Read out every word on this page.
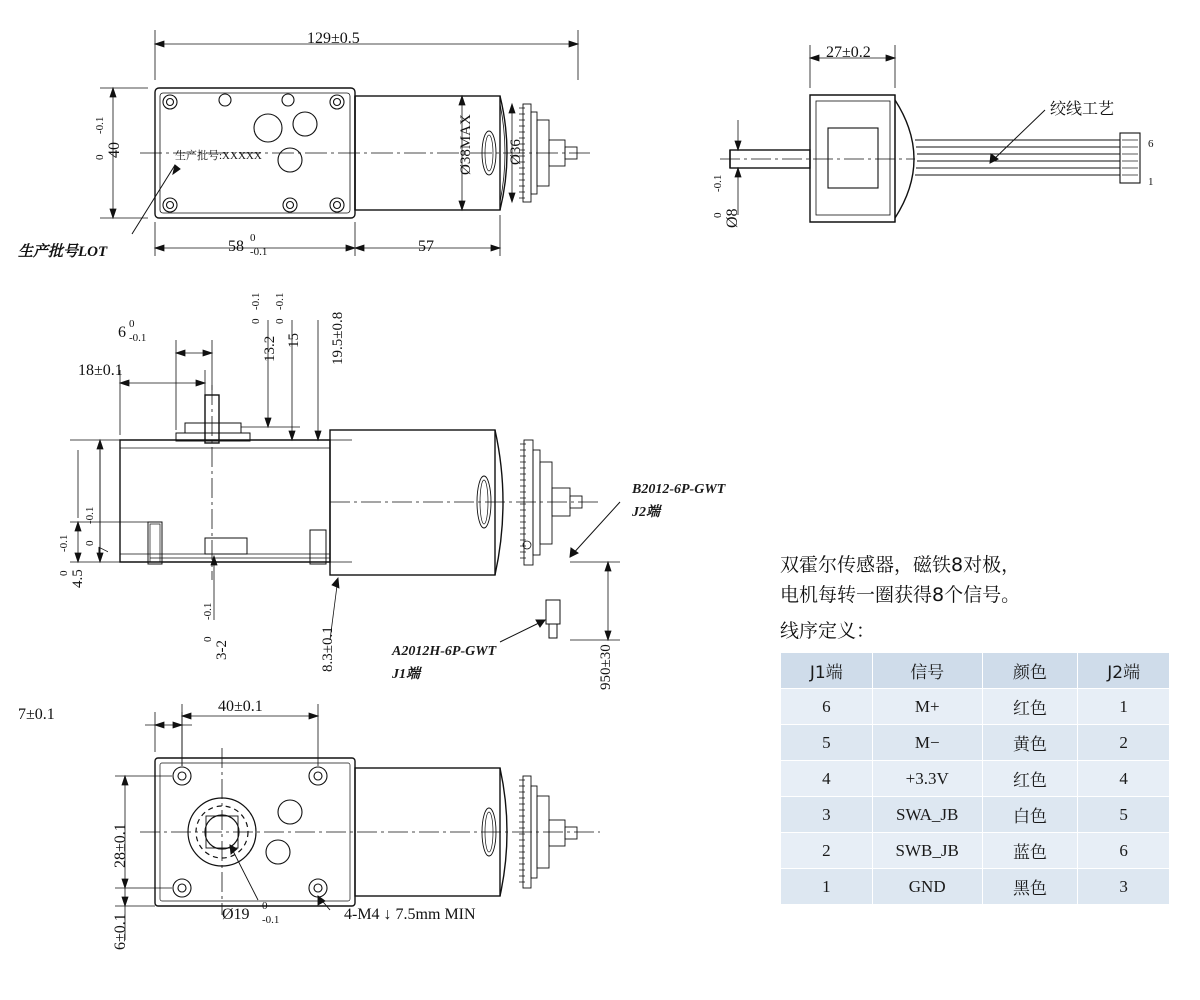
129±0.5
40
0
-0.1
58 0
-0.1	57
Ø38MAX Ø36
生产批号:XXXXX
生产批号LOT
27±0.2
Ø8
0
-0.1
绞线工艺
6
1
18±0.1
6 0
-0.1	13.2
0
-0.1
15
0
-0.1
19.5±0.8
4.5
0
-0.1 7
0
-0.1
3-2
0
-0.1
8.3±0.1	950±30
B2012-6P-GWT
J2端
A2012H-6P-GWT
J1端
7±0.1	40±0.1
28±0.1
6±0.1	Ø19 0
-0.1	4-M4 ↓ 7.5mm MIN
双霍尔传感器，磁铁8对极，
电机每转一圈获得8个信号。
线序定义：
J1端	信号	颜色	J2端
6	M+	红色	1
5	M−	黄色	2
4	+3.3V	红色	4
3	SWA_JB	白色	5
2	SWB_JB	蓝色	6
1	GND	黑色	3
